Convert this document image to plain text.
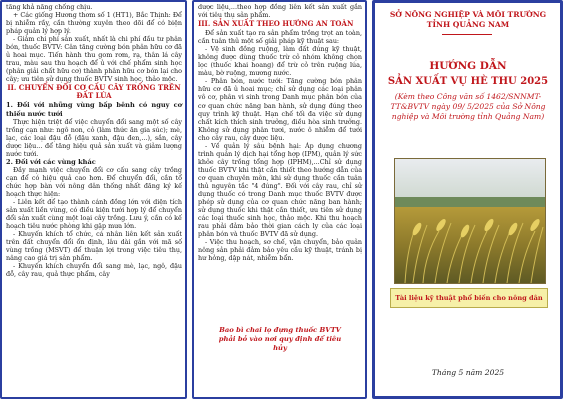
tăng khả năng chống chịu.

+ Các giống Hương thơm số 1 (HT1), Bắc Thịnh: Để bị nhiễm rầy, cần thường xuyên theo dõi để có biện pháp quản lý hợp lý.

- Giảm chi phí sản xuất, nhất là chi phí đầu tư phân bón, thuốc BVTV: Cân tăng cường bón phân hữu cơ đã ủ hoai mục. Tiến hành thu gom rơm, rạ, thân lá cây trau, màu sau thu hoạch để ủ với chế phẩm sinh học (phân giải chất hữu cơ) thành phân hữu cơ bón lại cho cây; ưu tiên sử dụng thuốc BVTV sinh học, thảo mộc.

II. CHUYỂN ĐỔI CƠ CẤU CÂY TRỒNG TRÊN ĐẤT LÚA

1. Đối với những vùng bấp bênh có nguy cơ thiếu nước tưới

Thực hiện triệt để việc chuyển đổi sang một số cây trồng cạn như: ngô non, cỏ (làm thức ăn gia súc); mè, lạc, các loại đậu đỗ (đậu xanh, đậu đen,...), sắn, cây dược liệu... để tăng hiệu quả sản xuất và giảm lượng nước tưới.

2. Đối với các vùng khác

Đầy mạnh việc chuyển đổi cơ cấu sang cây trồng cạn để có hiệu quả cao hơn. Để chuyển đổi, cần tổ chức hợp bàn với nông dân thống nhất đăng ký kế hoạch thực hiện:

- Liên kết để tạo thành cánh đồng lớn với diện tích sản xuất liền vùng, có điều kiện tưới hợp lý để chuyển đổi sản xuất cùng một loại cây trồng. Lưu ý, cần có kế hoạch tiêu nước phòng khi gặp mưa lớn.

- Khuyến khích tổ chức, cá nhân liên kết sản xuất trên đất chuyển đổi ổn định, lâu dài gắn với mã số vùng trồng (MSVT) để thuận lợi trong việc tiêu thụ, nâng cao giá trị sản phẩm.

- Khuyến khích chuyển đổi sang mè, lạc, ngô, đậu đỗ, cây rau, quả thực phẩm, cây

dược liệu,...theo hợp đồng liên kết sản xuất gắn với tiêu thụ sản phẩm.

III. SẢN XUẤT THEO HƯỚNG AN TOÀN

Để sản xuất tạo ra sản phẩm trồng trọt an toàn, cần tuân thủ một số giải pháp kỹ thuật sau:

- Vệ sinh đồng ruộng, làm đất đúng kỹ thuật, không được dùng thuốc trừ cỏ nhóm không chọn lọc (thuốc khai hoang) để trừ cỏ trên ruộng lúa, màu, bờ ruộng, mương nước.

- Phân bón, nước tưới: Tăng cường bón phân hữu cơ đã ủ hoai mục; chỉ sử dụng các loại phân vô cơ, phân vi sinh trong Danh mục phân bón của cơ quan chức năng ban hành, sử dụng đúng theo quy trình kỹ thuật. Hạn chế tối đa việc sử dụng chất kích thích sinh trưởng, điều hòa sinh trưởng. Không sử dụng phân tươi, nước ô nhiễm để tưới cho cây rau, cây dược liệu.

- Về quản lý sâu bệnh hại: Áp dụng chương trình quản lý dịch hại tổng hợp (IPM), quản lý sức khỏe cây trồng tổng hợp (IPHM),...Chỉ sử dụng thuốc BVTV khi thật cần thiết theo hướng dẫn của cơ quan chuyên môn, khi sử dụng thuốc cần tuân thủ nguyên tắc "4 đúng". Đối với cây rau, chỉ sử dụng thuốc có trong Danh mục thuốc BVTV được phép sử dụng của cơ quan chức năng ban hành; sử dụng thuốc khi thật cần thiết, ưu tiên sử dụng các loại thuốc sinh học, thảo mộc. Khi thu hoạch rau phải đảm bảo thời gian cách ly của các loại phân bón và thuốc BVTV đã sử dụng.

- Việc thu hoạch, sơ chế, vận chuyển, bảo quản nông sản phải đảm bảo yêu cầu kỹ thuật, tránh bị hư hỏng, dập nát, nhiễm bẩn.

Bao bì chai lọ đựng thuốc BVTV phải bỏ vào nơi quy định để tiêu hủy

SỞ NÔNG NGHIỆP VÀ MÔI TRƯỜNG TỈNH QUẢNG NAM
HƯỚNG DẪN
SẢN XUẤT VỤ HÈ THU 2025
(Kèm theo Công văn số 1462/SNNMT-TT&BVTV ngày 09/ 5/2025 của Sở Nông nghiệp và Môi trường tỉnh Quảng Nam)
Tài liệu kỹ thuật phổ biến cho nông dân
Tháng 5 năm 2025
